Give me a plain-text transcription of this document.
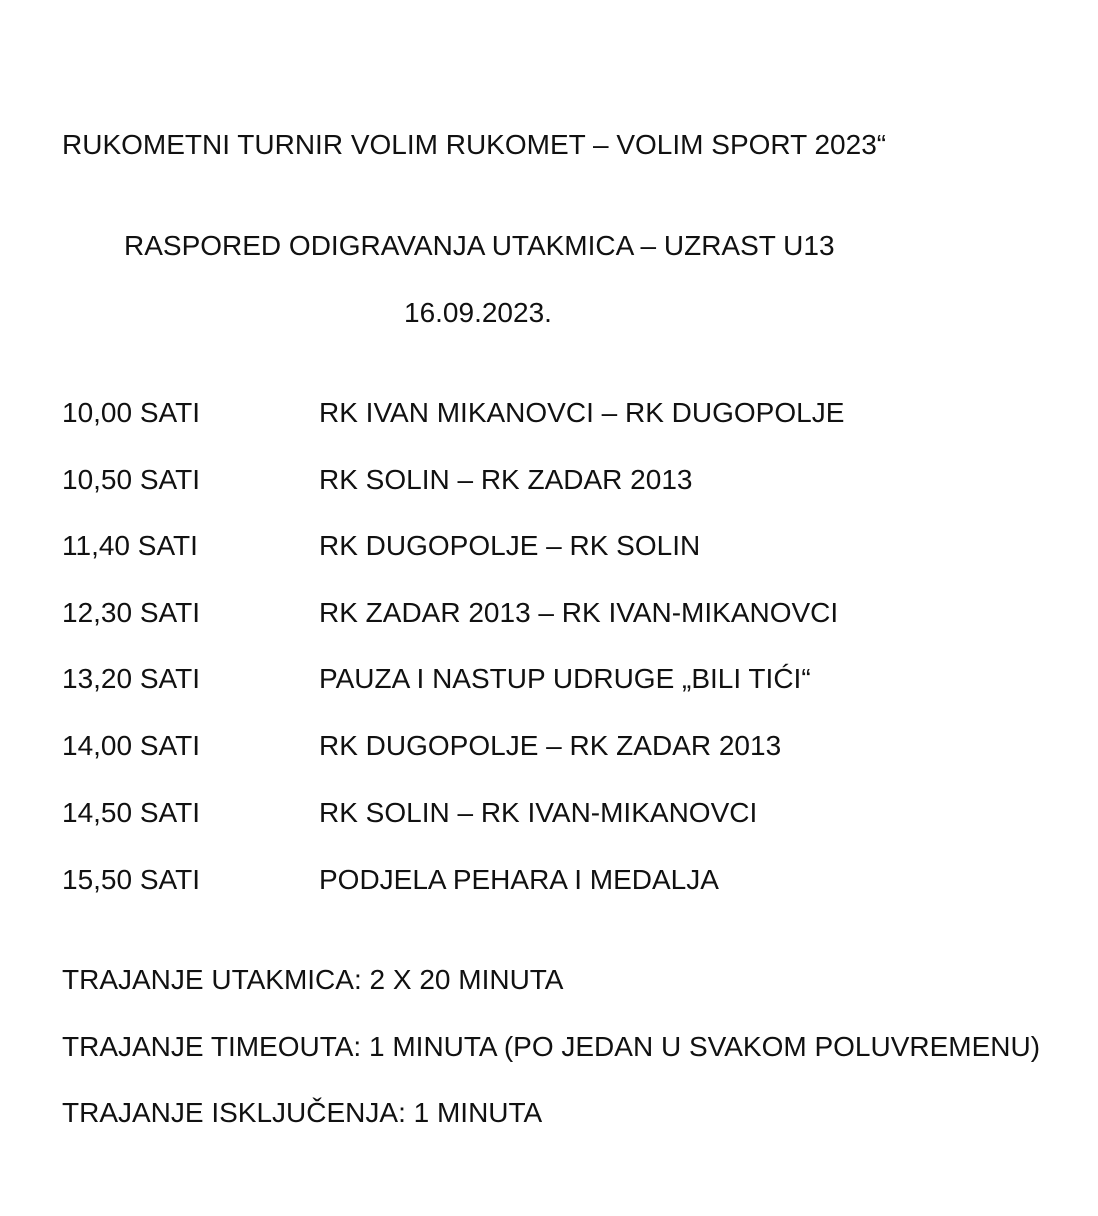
RUKOMETNI TURNIR VOLIM RUKOMET – VOLIM SPORT 2023“
RASPORED ODIGRAVANJA UTAKMICA – UZRAST U13
16.09.2023.
10,00 SATI	RK IVAN MIKANOVCI – RK DUGOPOLJE
10,50 SATI	RK SOLIN – RK ZADAR 2013
11,40 SATI	RK DUGOPOLJE – RK SOLIN
12,30 SATI	RK ZADAR 2013 – RK IVAN-MIKANOVCI
13,20 SATI	PAUZA I NASTUP UDRUGE „BILI TIĆI“
14,00 SATI	RK DUGOPOLJE – RK ZADAR 2013
14,50 SATI	RK SOLIN – RK IVAN-MIKANOVCI
15,50 SATI	PODJELA PEHARA I MEDALJA
TRAJANJE UTAKMICA: 2 X 20 MINUTA
TRAJANJE TIMEOUTA: 1 MINUTA (PO JEDAN U SVAKOM POLUVREMENU)
TRAJANJE ISKLJUČENJA: 1 MINUTA
